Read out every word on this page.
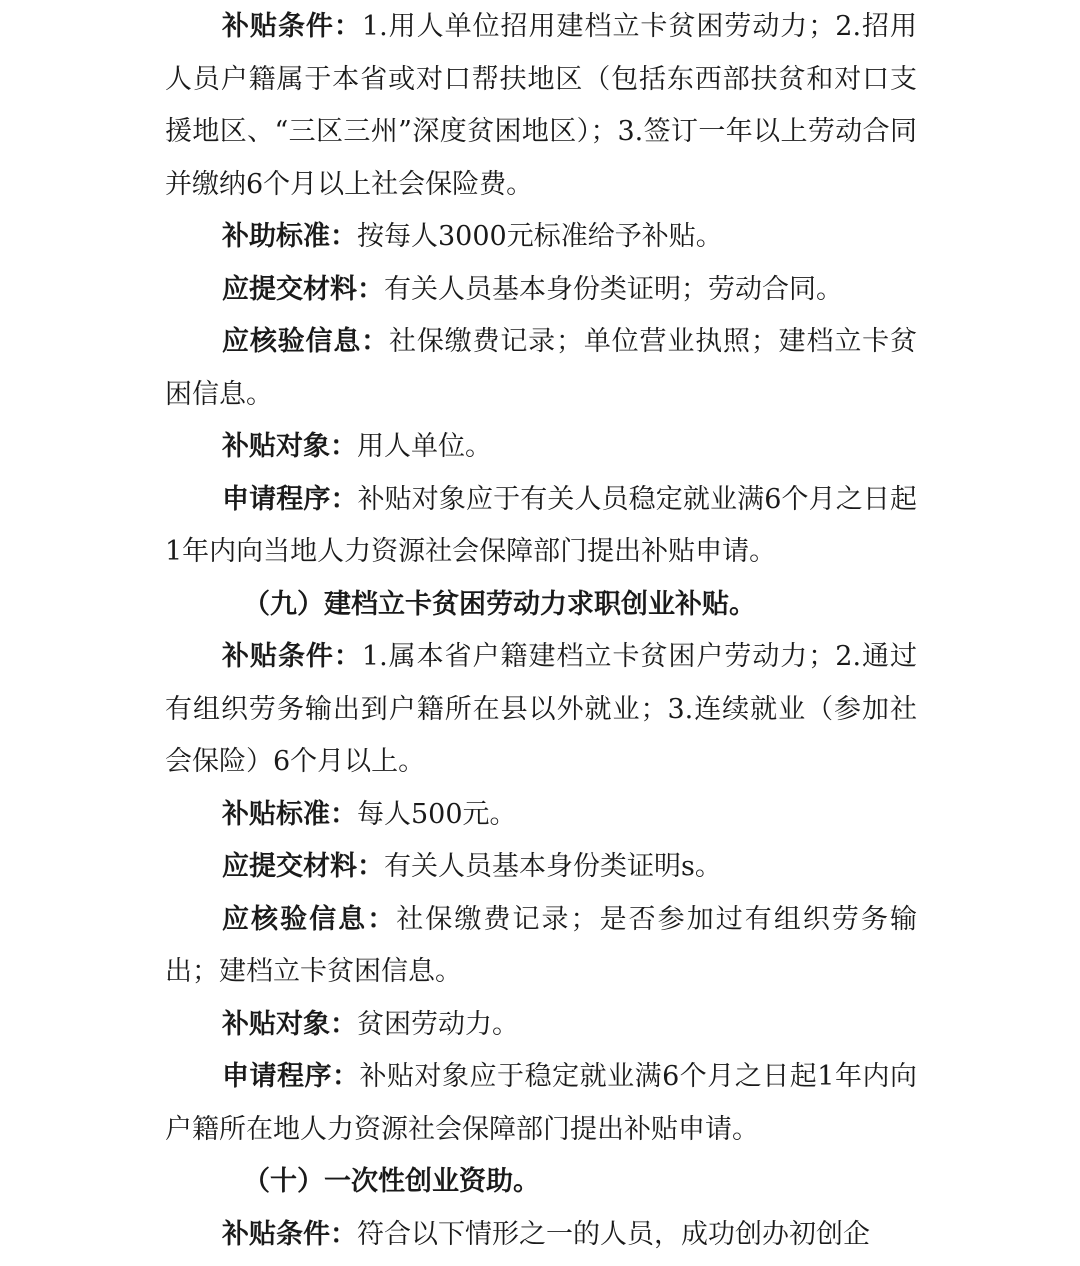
补贴条件：1.用人单位招用建档立卡贫困劳动力；2.招用人员户籍属于本省或对口帮扶地区（包括东西部扶贫和对口支援地区、“三区三州”深度贫困地区）；3.签订一年以上劳动合同并缴纳6个月以上社会保险费。

补助标准：按每人3000元标准给予补贴。

应提交材料：有关人员基本身份类证明；劳动合同。

应核验信息：社保缴费记录；单位营业执照；建档立卡贫困信息。

补贴对象：用人单位。

申请程序：补贴对象应于有关人员稳定就业满6个月之日起1年内向当地人力资源社会保障部门提出补贴申请。

（九）建档立卡贫困劳动力求职创业补贴。

补贴条件：1.属本省户籍建档立卡贫困户劳动力；2.通过有组织劳务输出到户籍所在县以外就业；3.连续就业（参加社会保险）6个月以上。

补贴标准：每人500元。

应提交材料：有关人员基本身份类证明s。

应核验信息：社保缴费记录；是否参加过有组织劳务输出；建档立卡贫困信息。

补贴对象：贫困劳动力。

申请程序：补贴对象应于稳定就业满6个月之日起1年内向户籍所在地人力资源社会保障部门提出补贴申请。

（十）一次性创业资助。

补贴条件：符合以下情形之一的人员，成功创办初创企
